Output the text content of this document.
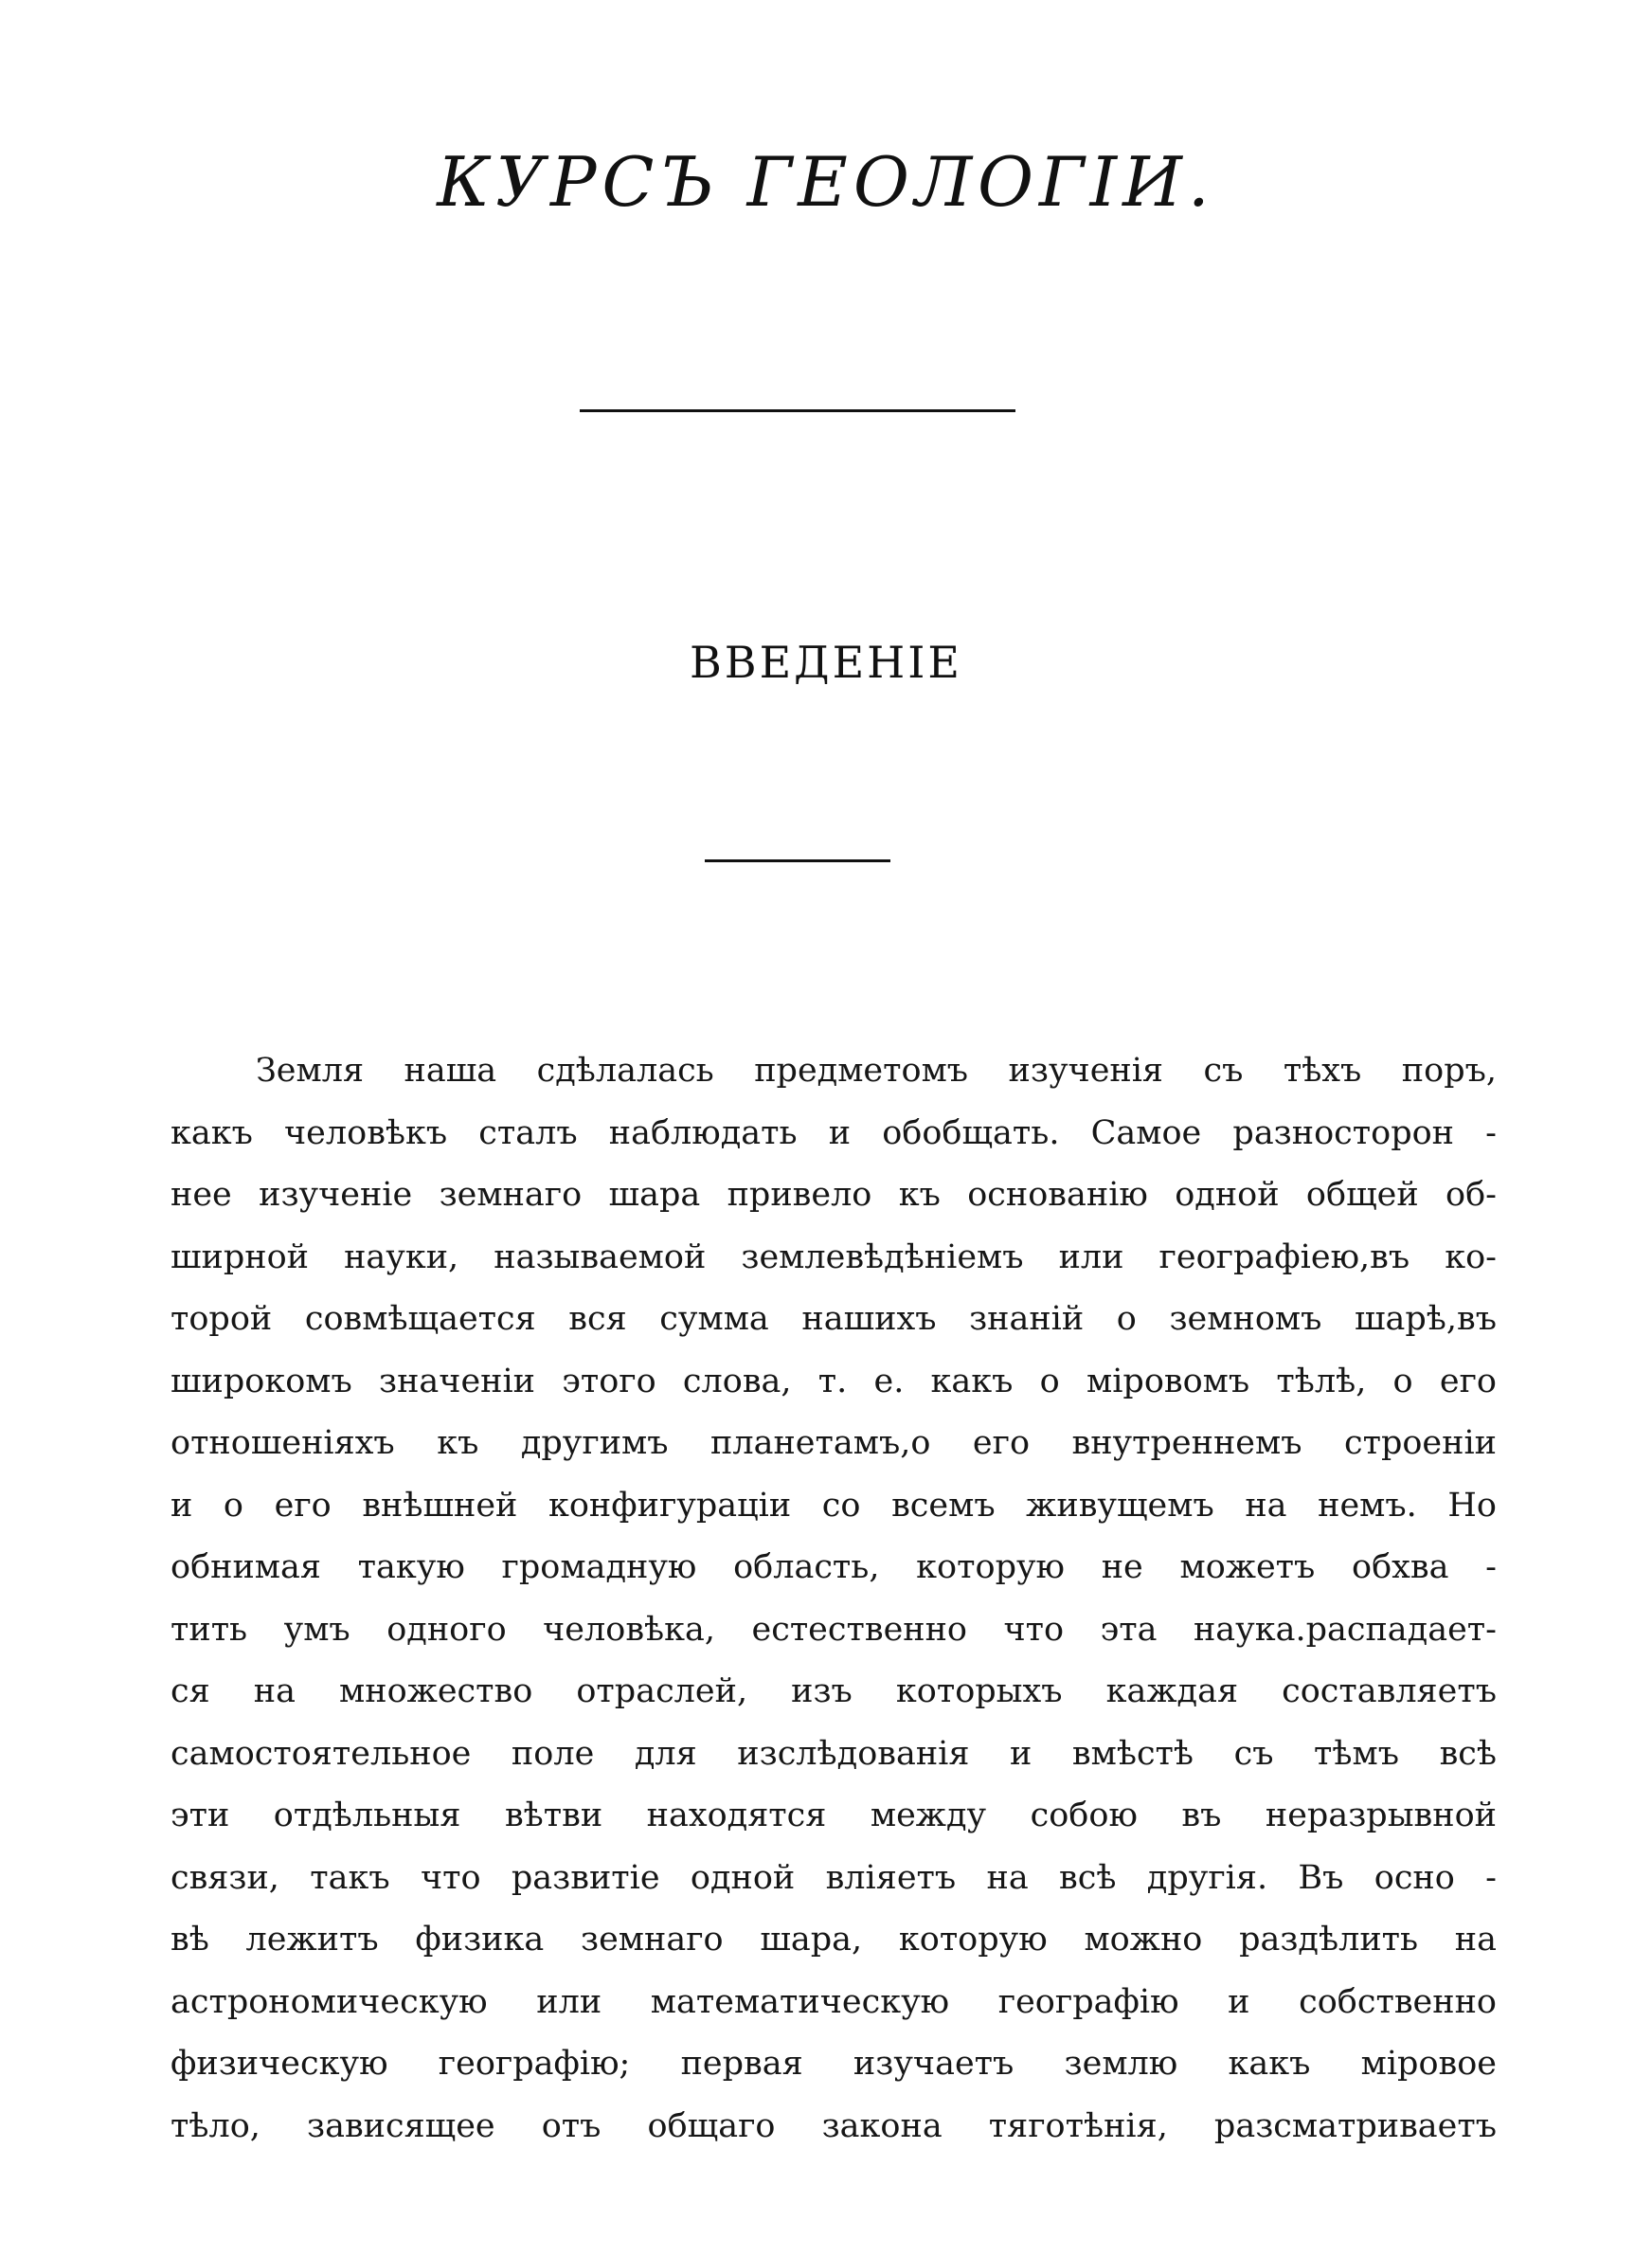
КУРСЪ ГЕОЛОГІИ.
ВВЕДЕНІЕ
Земля наша сдѣлалась предметомъ изученія съ тѣхъ поръ,
какъ человѣкъ сталъ наблюдать и обобщать. Самое разносторон -
нее изученіе земнаго шара привело къ основанію одной общей об-
ширной науки, называемой землевѣдѣніемъ или географіею,въ ко-
торой совмѣщается вся сумма нашихъ знаній о земномъ шарѣ,въ
широкомъ значеніи этого слова, т. е. какъ о міровомъ тѣлѣ, о его
отношеніяхъ къ другимъ планетамъ,о его внутреннемъ строеніи
и о его внѣшней конфигураціи со всемъ живущемъ на немъ. Но
обнимая такую громадную область, которую не можетъ обхва -
тить умъ одного человѣка, естественно что эта наука.распадает-
ся на множество отраслей, изъ которыхъ каждая составляетъ
самостоятельное поле для изслѣдованія и вмѣстѣ съ тѣмъ всѣ
эти отдѣльныя вѣтви находятся между собою въ неразрывной
связи, такъ что развитіе одной вліяетъ на всѣ другія. Въ осно -
вѣ лежитъ физика земнаго шара, которую можно раздѣлить на
астрономическую или математическую географію и собственно
физическую географію; первая изучаетъ землю какъ міровое
тѣло, зависящее отъ общаго закона тяготѣнія, разсматриваетъ
